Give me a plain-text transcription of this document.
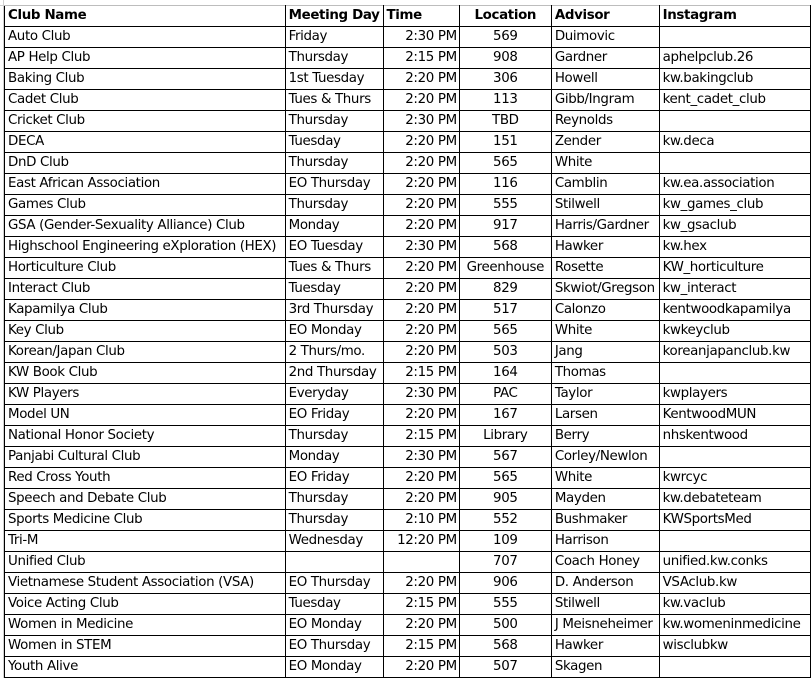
Club Name	Meeting Day	Time	Location	Advisor	Instagram
Auto Club	Friday	2:30 PM	569	Duimovic	
AP Help Club	Thursday	2:15 PM	908	Gardner	aphelpclub.26
Baking Club	1st Tuesday	2:20 PM	306	Howell	kw.bakingclub
Cadet Club	Tues & Thurs	2:20 PM	113	Gibb/Ingram	kent_cadet_club
Cricket Club	Thursday	2:30 PM	TBD	Reynolds	
DECA	Tuesday	2:20 PM	151	Zender	kw.deca
DnD Club	Thursday	2:20 PM	565	White	
East African Association	EO Thursday	2:20 PM	116	Camblin	kw.ea.association
Games Club	Thursday	2:20 PM	555	Stilwell	kw_games_club
GSA (Gender-Sexuality Alliance) Club	Monday	2:20 PM	917	Harris/Gardner	kw_gsaclub
Highschool Engineering eXploration (HEX)	EO Tuesday	2:30 PM	568	Hawker	kw.hex
Horticulture Club	Tues & Thurs	2:20 PM	Greenhouse	Rosette	KW_horticulture
Interact Club	Tuesday	2:20 PM	829	Skwiot/Gregson	kw_interact
Kapamilya Club	3rd Thursday	2:20 PM	517	Calonzo	kentwoodkapamilya
Key Club	EO Monday	2:20 PM	565	White	kwkeyclub
Korean/Japan Club	2 Thurs/mo.	2:20 PM	503	Jang	koreanjapanclub.kw
KW Book Club	2nd Thursday	2:15 PM	164	Thomas	
KW Players	Everyday	2:30 PM	PAC	Taylor	kwplayers
Model UN	EO Friday	2:20 PM	167	Larsen	KentwoodMUN
National Honor Society	Thursday	2:15 PM	Library	Berry	nhskentwood
Panjabi Cultural Club	Monday	2:30 PM	567	Corley/Newlon	
Red Cross Youth	EO Friday	2:20 PM	565	White	kwrcyc
Speech and Debate Club	Thursday	2:20 PM	905	Mayden	kw.debateteam
Sports Medicine Club	Thursday	2:10 PM	552	Bushmaker	KWSportsMed
Tri-M	Wednesday	12:20 PM	109	Harrison	
Unified Club			707	Coach Honey	unified.kw.conks
Vietnamese Student Association (VSA)	EO Thursday	2:20 PM	906	D. Anderson	VSAclub.kw
Voice Acting Club	Tuesday	2:15 PM	555	Stilwell	kw.vaclub
Women in Medicine	EO Monday	2:20 PM	500	J Meisneheimer	kw.womeninmedicine
Women in STEM	EO Thursday	2:15 PM	568	Hawker	wisclubkw
Youth Alive	EO Monday	2:20 PM	507	Skagen	
